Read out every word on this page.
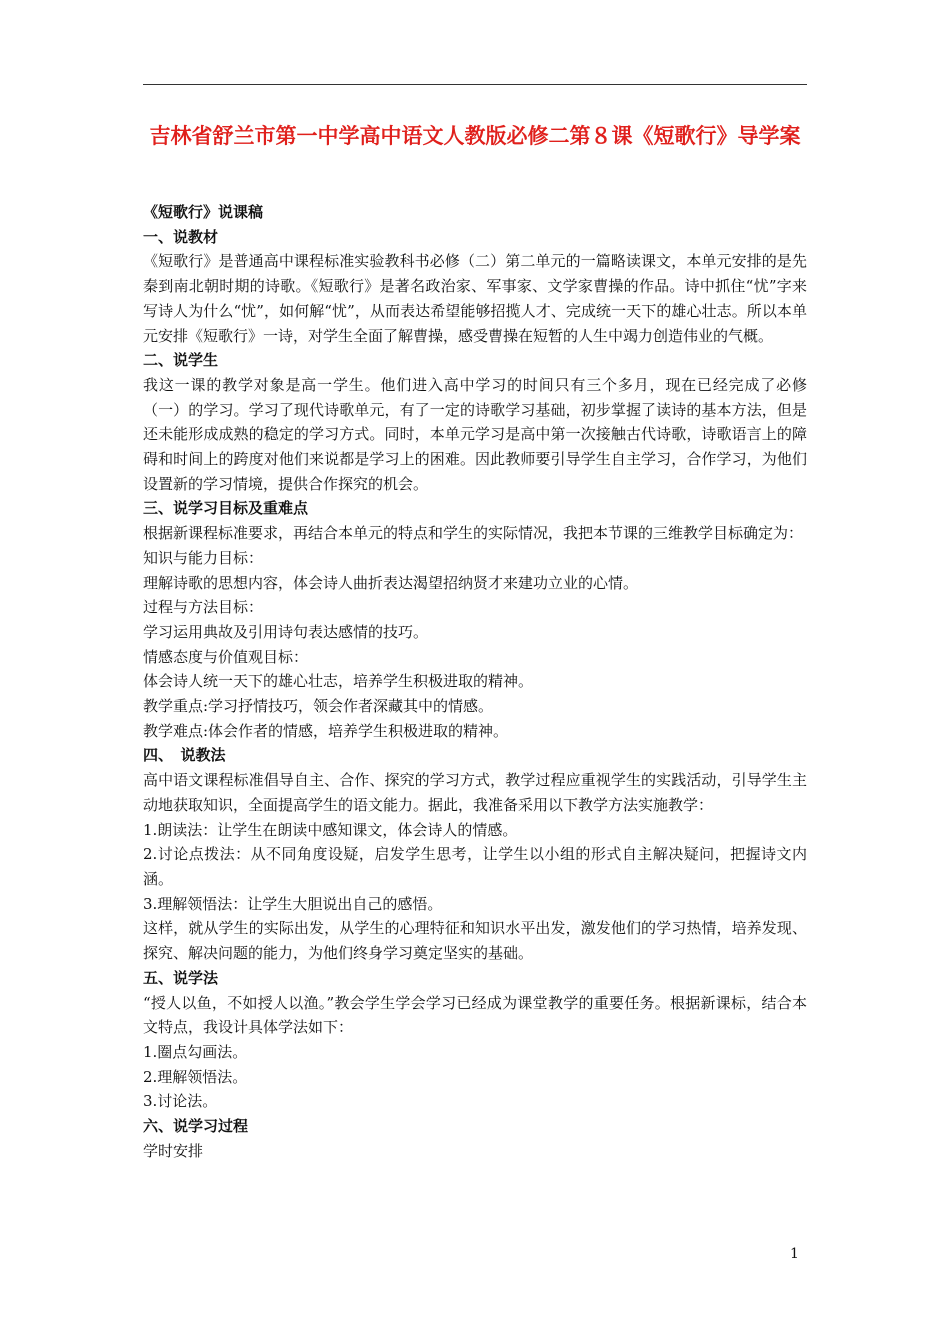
吉林省舒兰市第一中学高中语文人教版必修二第８课《短歌行》导学案

《短歌行》说课稿

一、说教材

《短歌行》是普通高中课程标准实验教科书必修（二）第二单元的一篇略读课文，本单元安排的是先秦到南北朝时期的诗歌。《短歌行》是著名政治家、军事家、文学家曹操的作品。诗中抓住“忧”字来写诗人为什么“忧”，如何解“忧”，从而表达希望能够招揽人才、完成统一天下的雄心壮志。所以本单元安排《短歌行》一诗，对学生全面了解曹操，感受曹操在短暂的人生中竭力创造伟业的气概。

二、说学生

我这一课的教学对象是高一学生。他们进入高中学习的时间只有三个多月，现在已经完成了必修（一）的学习。学习了现代诗歌单元，有了一定的诗歌学习基础，初步掌握了读诗的基本方法，但是还未能形成成熟的稳定的学习方式。同时，本单元学习是高中第一次接触古代诗歌，诗歌语言上的障碍和时间上的跨度对他们来说都是学习上的困难。因此教师要引导学生自主学习，合作学习，为他们设置新的学习情境，提供合作探究的机会。

三、说学习目标及重难点

根据新课程标准要求，再结合本单元的特点和学生的实际情况，我把本节课的三维教学目标确定为：

知识与能力目标：

理解诗歌的思想内容，体会诗人曲折表达渴望招纳贤才来建功立业的心情。

过程与方法目标：

学习运用典故及引用诗句表达感情的技巧。

情感态度与价值观目标：

体会诗人统一天下的雄心壮志，培养学生积极进取的精神。

教学重点:学习抒情技巧，领会作者深藏其中的情感。

教学难点:体会作者的情感，培养学生积极进取的精神。

四、　说教法

高中语文课程标准倡导自主、合作、探究的学习方式，教学过程应重视学生的实践活动，引导学生主动地获取知识，全面提高学生的语文能力。据此，我准备采用以下教学方法实施教学：

1.朗读法：让学生在朗读中感知课文，体会诗人的情感。

2.讨论点拨法：从不同角度设疑，启发学生思考，让学生以小组的形式自主解决疑问，把握诗文内涵。

3.理解领悟法：让学生大胆说出自己的感悟。

这样，就从学生的实际出发，从学生的心理特征和知识水平出发，激发他们的学习热情，培养发现、探究、解决问题的能力，为他们终身学习奠定坚实的基础。

五、说学法

“授人以鱼，不如授人以渔。”教会学生学会学习已经成为课堂教学的重要任务。根据新课标，结合本文特点，我设计具体学法如下：

1.圈点勾画法。

2.理解领悟法。

3.讨论法。

六、说学习过程

学时安排

1
